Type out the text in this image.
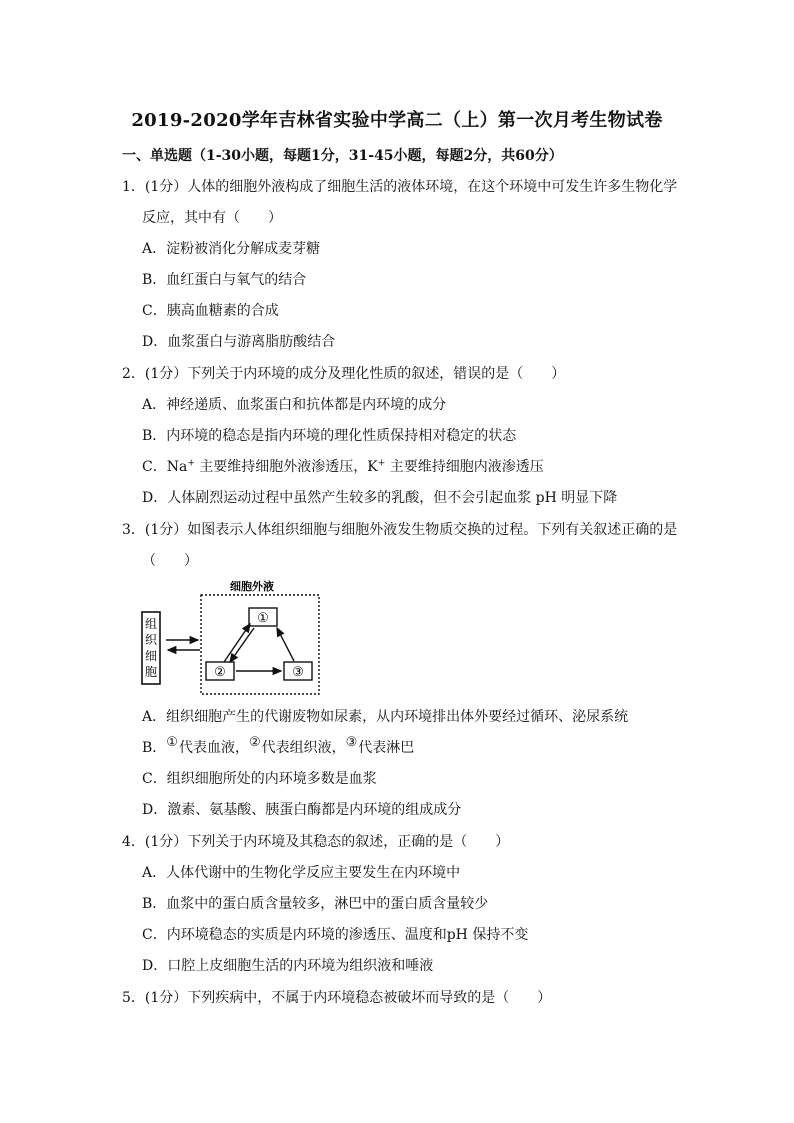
2019-2020学年吉林省实验中学高二（上）第一次月考生物试卷
一、单选题（1-30小题，每题1分，31-45小题，每题2分，共60分）
1．(1分）人体的细胞外液构成了细胞生活的液体环境，在这个环境中可发生许多生物化学
反应，其中有（　　）
A．淀粉被消化分解成麦芽糖
B．血红蛋白与氧气的结合
C．胰高血糖素的合成
D．血浆蛋白与游离脂肪酸结合
2．(1分）下列关于内环境的成分及理化性质的叙述，错误的是（　　）
A．神经递质、血浆蛋白和抗体都是内环境的成分
B．内环境的稳态是指内环境的理化性质保持相对稳定的状态
C．Na+ 主要维持细胞外液渗透压，K+ 主要维持细胞内液渗透压
D．人体剧烈运动过程中虽然产生较多的乳酸，但不会引起血浆 pH 明显下降
3．(1分）如图表示人体组织细胞与细胞外液发生物质交换的过程。下列有关叙述正确的是
（　　）
组
织
细
胞
细胞外液
①
②	③
A．组织细胞产生的代谢废物如尿素，从内环境排出体外要经过循环、泌尿系统
B．①代表血液，②代表组织液，③代表淋巴
C．组织细胞所处的内环境多数是血浆
D．激素、氨基酸、胰蛋白酶都是内环境的组成成分
4．(1分）下列关于内环境及其稳态的叙述，正确的是（　　）
A．人体代谢中的生物化学反应主要发生在内环境中
B．血浆中的蛋白质含量较多，淋巴中的蛋白质含量较少
C．内环境稳态的实质是内环境的渗透压、温度和pH 保持不变
D．口腔上皮细胞生活的内环境为组织液和唾液
5．(1分）下列疾病中，不属于内环境稳态被破坏而导致的是（　　）
